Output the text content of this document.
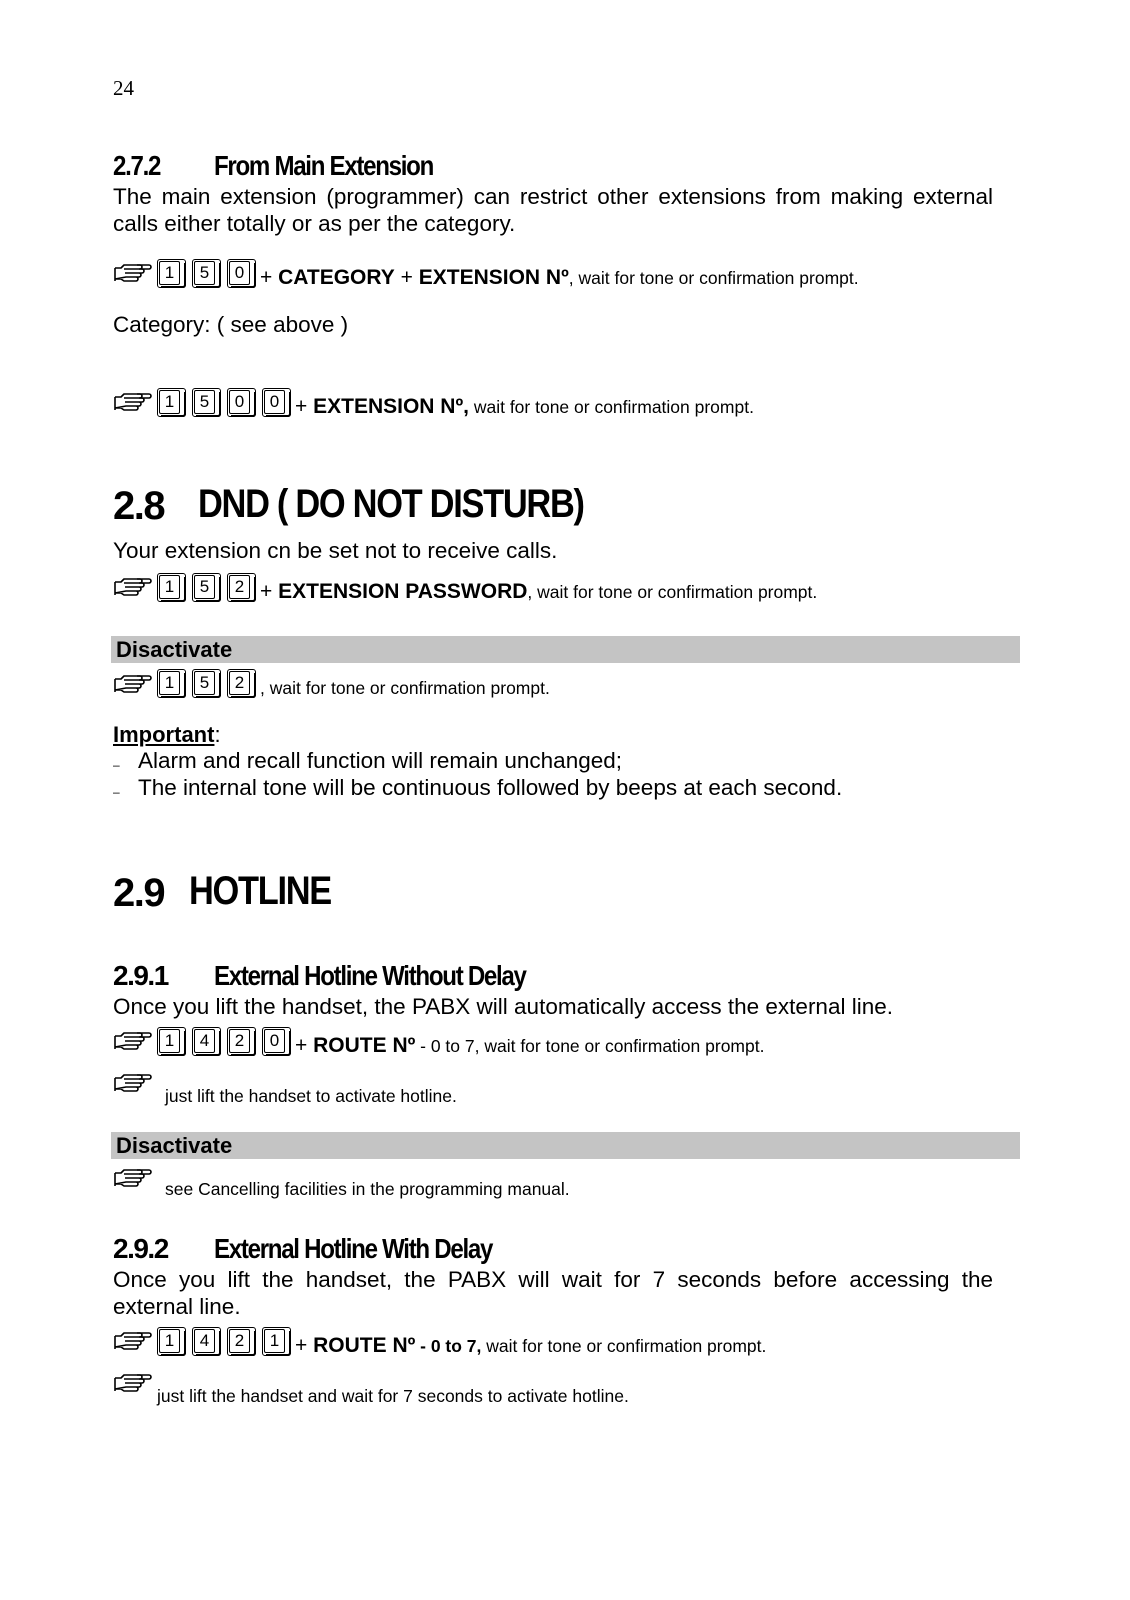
24
2.7.2 From Main Extension
The main extension (programmer) can restrict other extensions from making external calls either totally or as per the category.
1	5	0 + CATEGORY + EXTENSION Nº, wait for tone or confirmation prompt.
Category: ( see above )
1	5	0	0 + EXTENSION Nº, wait for tone or confirmation prompt.
2.8 DND ( DO NOT DISTURB)
Your extension cn be set not to receive calls.
1	5	2 + EXTENSION PASSWORD, wait for tone or confirmation prompt.
Disactivate
1	5	2 , wait for tone or confirmation prompt.
Important:
– Alarm and recall function will remain unchanged;
– The internal tone will be continuous followed by beeps at each second.
2.9 HOTLINE
2.9.1 External Hotline Without Delay
Once you lift the handset, the PABX will automatically access the external line.
1	4	2	0 + ROUTE Nº - 0 to 7, wait for tone or confirmation prompt.
just lift the handset to activate hotline.
Disactivate
see Cancelling facilities in the programming manual.
2.9.2 External Hotline With Delay
Once you lift the handset, the PABX will wait for 7 seconds before accessing the external line.
1	4	2	1 + ROUTE Nº - 0 to 7, wait for tone or confirmation prompt.
just lift the handset and wait for 7 seconds to activate hotline.
